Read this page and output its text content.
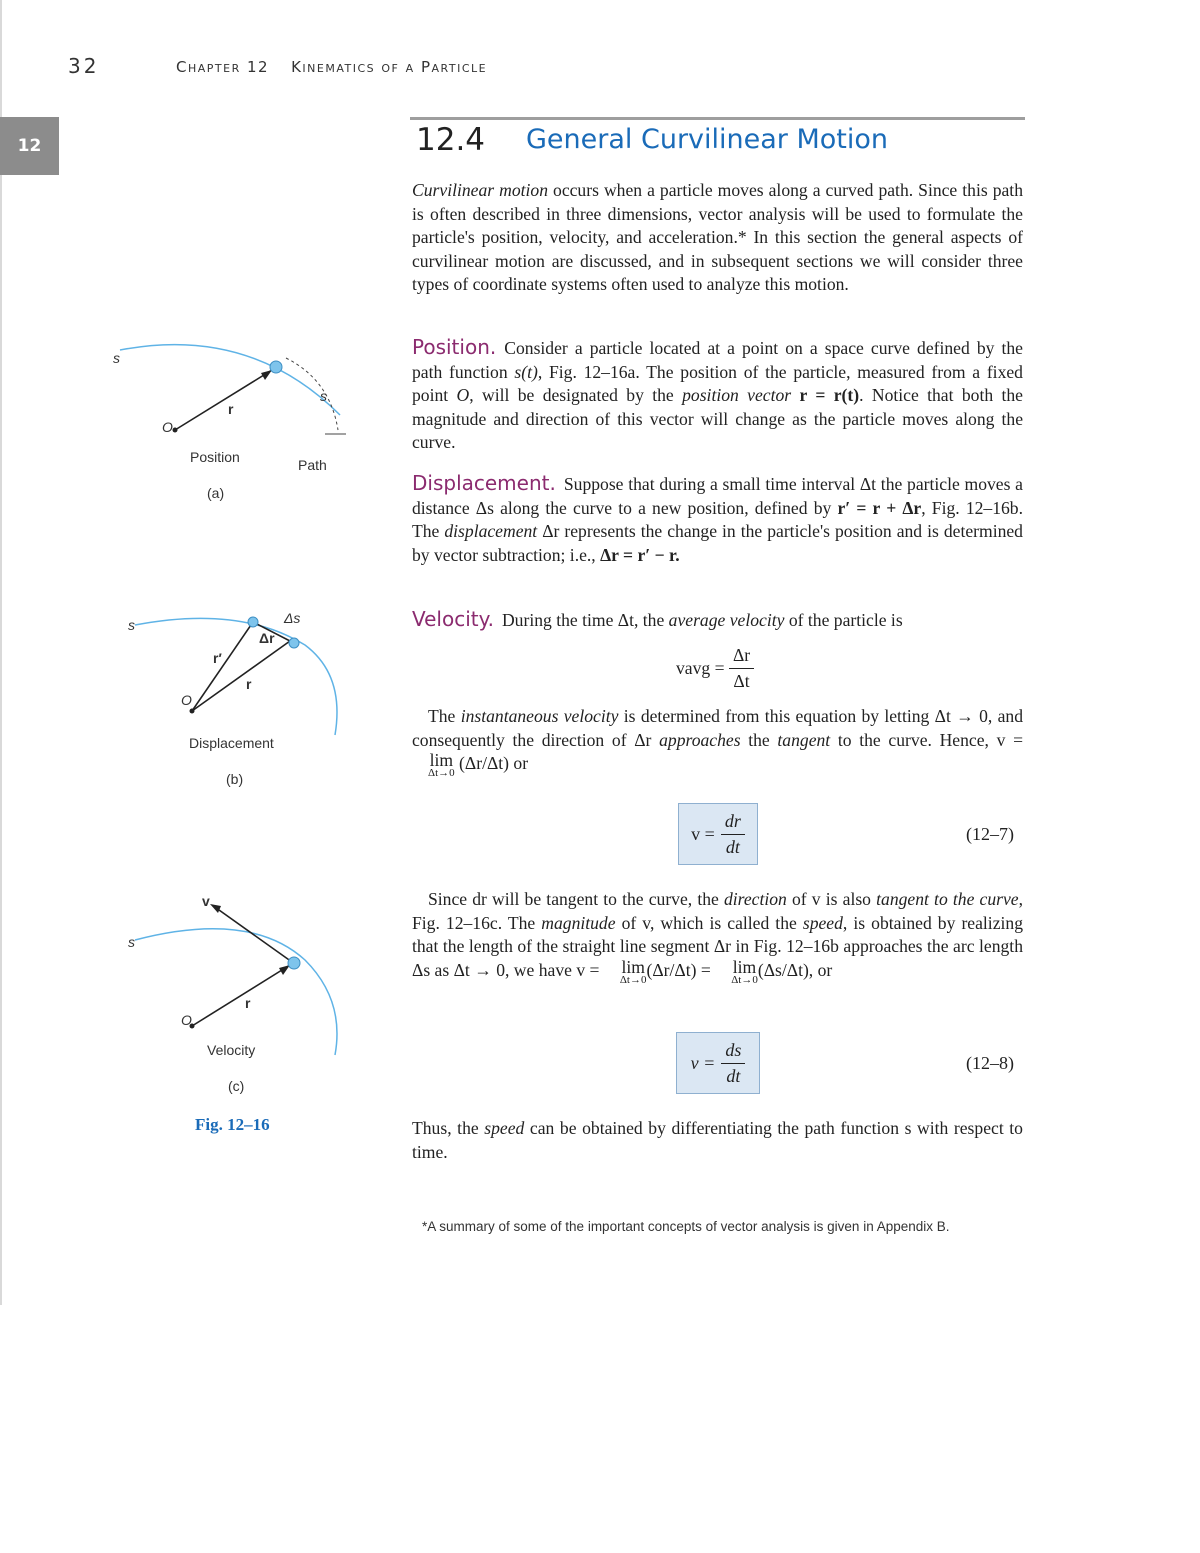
32	Chapter 12 Kinematics of a Particle
12	12.4 General Curvilinear Motion
Curvilinear motion occurs when a particle moves along a curved path. Since this path is often described in three dimensions, vector analysis will be used to formulate the particle's position, velocity, and acceleration.* In this section the general aspects of curvilinear motion are discussed, and in subsequent sections we will consider three types of coordinate systems often used to analyze this motion.
Position. Consider a particle located at a point on a space curve defined by the path function s(t), Fig. 12–16a. The position of the particle, measured from a fixed point O, will be designated by the position vector r = r(t). Notice that both the magnitude and direction of this vector will change as the particle moves along the curve.
Displacement. Suppose that during a small time interval Δt the particle moves a distance Δs along the curve to a new position, defined by r′ = r + Δr, Fig. 12–16b. The displacement Δr represents the change in the particle's position and is determined by vector subtraction; i.e., Δr = r′ − r.
Velocity. During the time Δt, the average velocity of the particle is
vavg = $\frac{\Delta r}{\Delta t}$
The instantaneous velocity is determined from this equation by letting Δt → 0, and consequently the direction of Δr approaches the tangent to the curve. Hence, v = lim
Δt→0 (Δr/Δt) or
$v = \frac{dr}{dt}$	(12–7)
Since dr will be tangent to the curve, the direction of v is also tangent to the curve, Fig. 12–16c. The magnitude of v, which is called the speed, is obtained by realizing that the length of the straight line segment Δr in Fig. 12–16b approaches the arc length Δs as Δt → 0, we have v = lim
Δt→0 (Δr/Δt) = lim
Δt→0 (Δs/Δt), or
$v = \frac{ds}{dt}$	(12–8)
Thus, the speed can be obtained by differentiating the path function s with respect to time.
s
O
r
s
Position	Path
(a)
s
O
r′
r
Δr
Δs
Displacement
(b)
s
O
r
v
Velocity
(c)
Fig. 12–16
*A summary of some of the important concepts of vector analysis is given in Appendix B.
